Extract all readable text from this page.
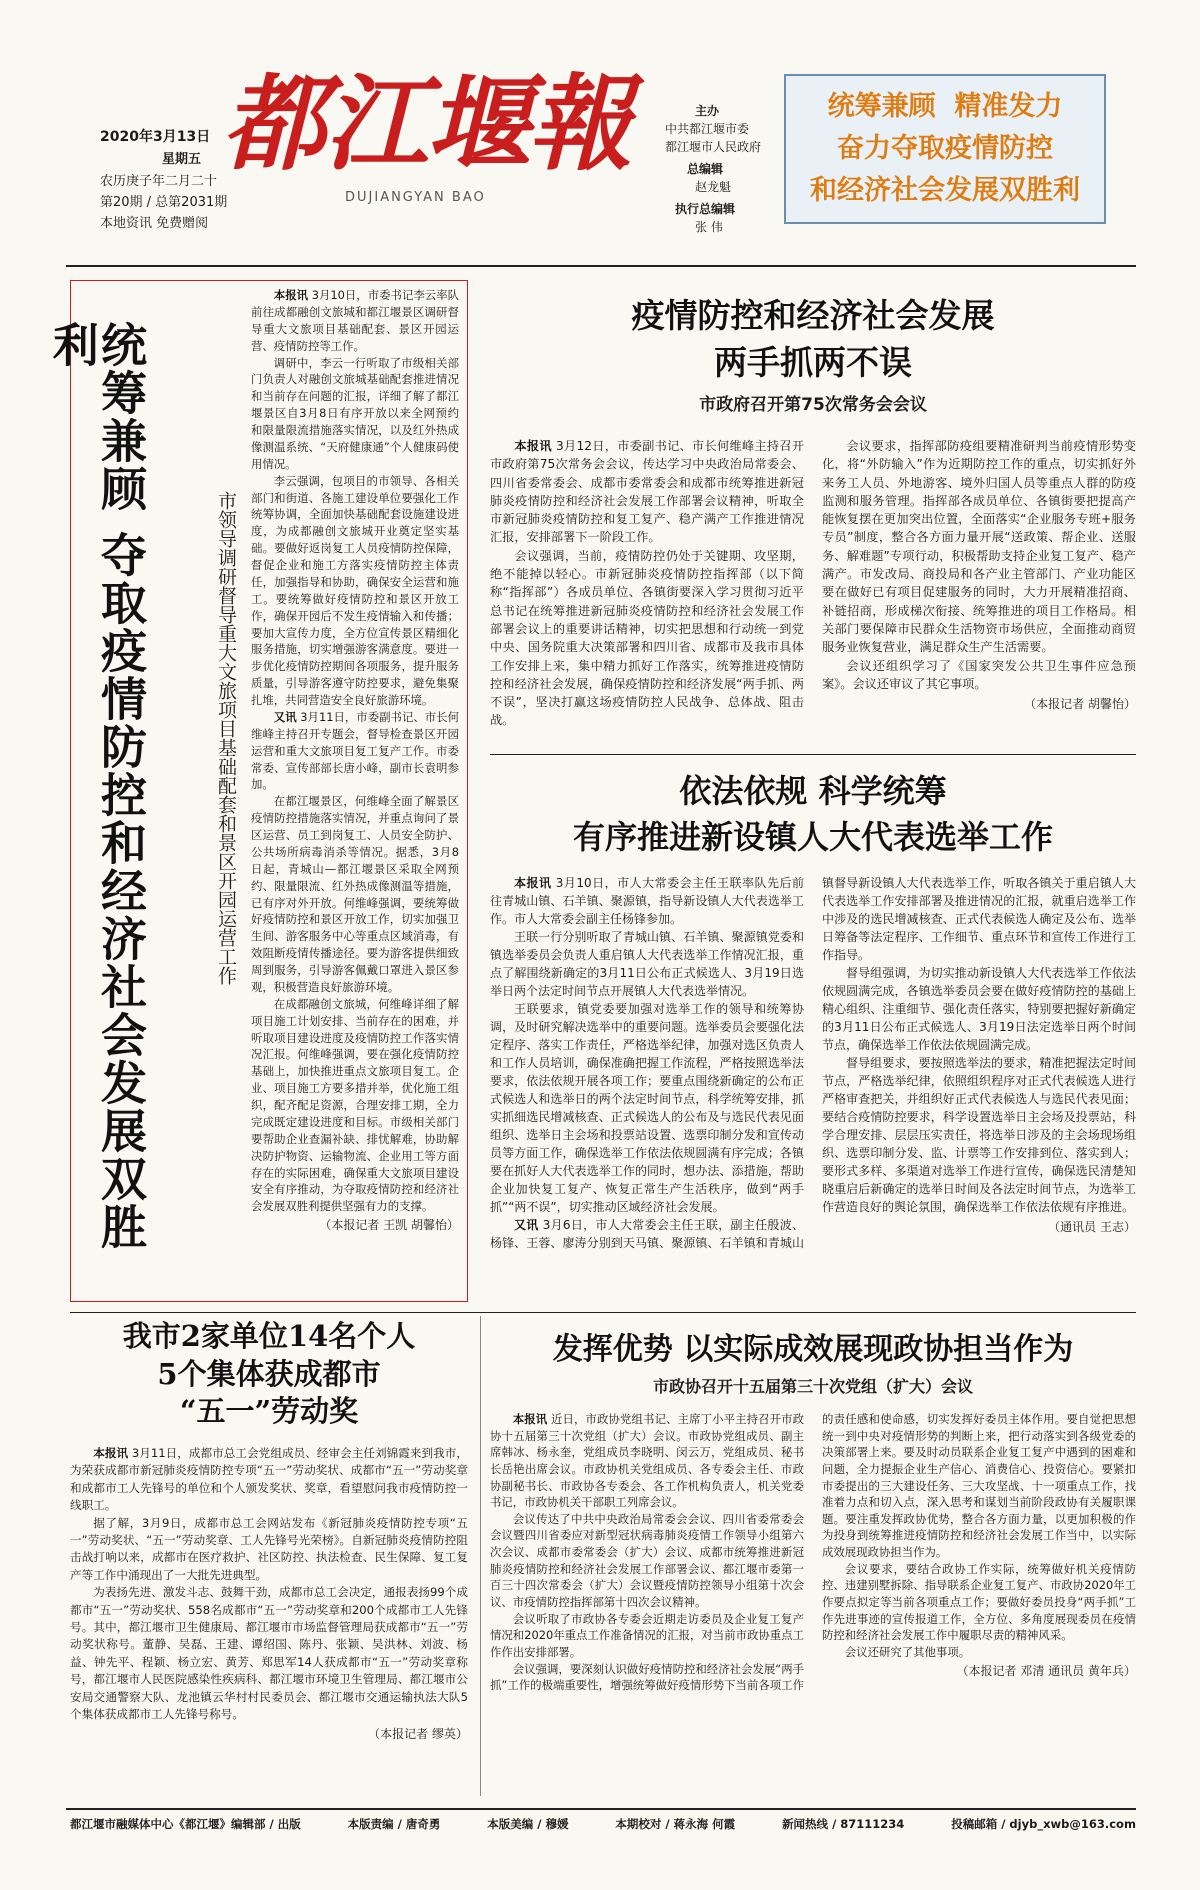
2020年3月13日
星期五
农历庚子年二月二十
第20期 / 总第2031期
本地资讯 免费赠阅
都江堰報
DUJIANGYAN BAO
主办
中共都江堰市委
都江堰市人民政府
总编辑
赵龙魁
执行总编辑
张 伟
统筹兼顾  精准发力
奋力夺取疫情防控
和经济社会发展双胜利
统筹兼顾 夺取疫情防控和经济社会发展双胜利
市领导调研督导重大文旅项目基础配套和景区开园运营工作

本报讯 3月10日，市委书记李云率队前往成都融创文旅城和都江堰景区调研督导重大文旅项目基础配套、景区开园运营、疫情防控等工作。

调研中，李云一行听取了市级相关部门负责人对融创文旅城基础配套推进情况和当前存在问题的汇报，详细了解了都江堰景区自3月8日有序开放以来全网预约和限量限流措施落实情况，以及红外热成像测温系统、“天府健康通”个人健康码使用情况。

李云强调，包项目的市领导、各相关部门和街道、各施工建设单位要强化工作统筹协调，全面加快基础配套设施建设进度，为成都融创文旅城开业奠定坚实基础。要做好返岗复工人员疫情防控保障，督促企业和施工方落实疫情防控主体责任，加强指导和协助，确保安全运营和施工。要统筹做好疫情防控和景区开放工作，确保开园后不发生疫情输入和传播；要加大宣传力度，全方位宣传景区精细化服务措施，切实增强游客满意度。要进一步优化疫情防控期间各项服务，提升服务质量，引导游客遵守防控要求，避免集聚扎堆，共同营造安全良好旅游环境。

又讯 3月11日，市委副书记、市长何维峰主持召开专题会，督导检查景区开园运营和重大文旅项目复工复产工作。市委常委、宣传部部长唐小峰，副市长袁明参加。

在都江堰景区，何维峰全面了解景区疫情防控措施落实情况，并重点询问了景区运营、员工到岗复工、人员安全防护、公共场所病毒消杀等情况。据悉，3月8日起，青城山—都江堰景区采取全网预约、限量限流、红外热成像测温等措施，已有序对外开放。何维峰强调，要统筹做好疫情防控和景区开放工作，切实加强卫生间、游客服务中心等重点区域消毒，有效阻断疫情传播途径。要为游客提供细致周到服务，引导游客佩戴口罩进入景区参观，积极营造良好旅游环境。

在成都融创文旅城，何维峰详细了解项目施工计划安排、当前存在的困难，并听取项目建设进度及疫情防控工作落实情况汇报。何维峰强调，要在强化疫情防控基础上，加快推进重点文旅项目复工。企业、项目施工方要多措并举，优化施工组织，配齐配足资源，合理安排工期，全力完成既定建设进度和目标。市级相关部门要帮助企业查漏补缺、排忧解难，协助解决防护物资、运输物流、企业用工等方面存在的实际困难，确保重大文旅项目建设安全有序推动，为夺取疫情防控和经济社会发展双胜利提供坚强有力的支撑。

（本报记者 王凯 胡馨怡）
疫情防控和经济社会发展
两手抓两不误
市政府召开第75次常务会会议

本报讯 3月12日，市委副书记、市长何维峰主持召开市政府第75次常务会会议，传达学习中央政治局常委会、四川省委常委会、成都市委常委会和成都市统筹推进新冠肺炎疫情防控和经济社会发展工作部署会议精神，听取全市新冠肺炎疫情防控和复工复产、稳产满产工作推进情况汇报，安排部署下一阶段工作。

会议强调，当前，疫情防控仍处于关键期、攻坚期，绝不能掉以轻心。市新冠肺炎疫情防控指挥部（以下简称“指挥部”）各成员单位、各镇街要深入学习贯彻习近平总书记在统筹推进新冠肺炎疫情防控和经济社会发展工作部署会议上的重要讲话精神，切实把思想和行动统一到党中央、国务院重大决策部署和四川省、成都市及我市具体工作安排上来，集中精力抓好工作落实，统筹推进疫情防控和经济社会发展，确保疫情防控和经济发展“两手抓、两不误”，坚决打赢这场疫情防控人民战争、总体战、阻击战。

会议要求，指挥部防疫组要精准研判当前疫情形势变化，将“外防输入”作为近期防控工作的重点，切实抓好外来务工人员、外地游客、境外归国人员等重点人群的防疫监测和服务管理。指挥部各成员单位、各镇街要把提高产能恢复摆在更加突出位置，全面落实“企业服务专班+服务专员”制度，整合各方面力量开展“送政策、帮企业、送服务、解难题”专项行动，积极帮助支持企业复工复产、稳产满产。市发改局、商投局和各产业主管部门、产业功能区要在做好已有项目促建服务的同时，大力开展精准招商、补链招商，形成梯次衔接、统筹推进的项目工作格局。相关部门要保障市民群众生活物资市场供应，全面推动商贸服务业恢复营业，满足群众生产生活需要。

会议还组织学习了《国家突发公共卫生事件应急预案》。会议还审议了其它事项。

（本报记者 胡馨怡）
依法依规 科学统筹
有序推进新设镇人大代表选举工作

本报讯 3月10日，市人大常委会主任王联率队先后前往青城山镇、石羊镇、聚源镇，指导新设镇人大代表选举工作。市人大常委会副主任杨锋参加。

王联一行分别听取了青城山镇、石羊镇、聚源镇党委和镇选举委员会负责人重启镇人大代表选举工作情况汇报，重点了解围绕新确定的3月11日公布正式候选人、3月19日选举日两个法定时间节点开展镇人大代表选举情况。

王联要求，镇党委要加强对选举工作的领导和统筹协调，及时研究解决选举中的重要问题。选举委员会要强化法定程序、落实工作责任，严格选举纪律，加强对选区负责人和工作人员培训，确保准确把握工作流程，严格按照选举法要求，依法依规开展各项工作；要重点围绕新确定的公布正式候选人和选举日的两个法定时间节点，科学统筹安排，抓实抓细选民增减核查、正式候选人的公布及与选民代表见面组织、选举日主会场和投票站设置、选票印制分发和宣传动员等方面工作，确保选举工作依法依规圆满有序完成；各镇要在抓好人大代表选举工作的同时，想办法、添措施，帮助企业加快复工复产、恢复正常生产生活秩序，做到“两手抓”“两不误”，切实推动区域经济社会发展。

又讯 3月6日，市人大常委会主任王联，副主任殷波、杨锋、王蓉、廖涛分别到天马镇、聚源镇、石羊镇和青城山镇督导新设镇人大代表选举工作，听取各镇关于重启镇人大代表选举工作安排部署及推进情况的汇报，就重启选举工作中涉及的选民增减核查、正式代表候选人确定及公布、选举日筹备等法定程序、工作细节、重点环节和宣传工作进行工作指导。

督导组强调，为切实推动新设镇人大代表选举工作依法依规圆满完成，各镇选举委员会要在做好疫情防控的基础上精心组织、注重细节、强化责任落实，特别要把握好新确定的3月11日公布正式候选人、3月19日法定选举日两个时间节点，确保选举工作依法依规圆满完成。

督导组要求，要按照选举法的要求，精准把握法定时间节点，严格选举纪律，依照组织程序对正式代表候选人进行严格审查把关，并组织好正式代表候选人与选民代表见面；要结合疫情防控要求，科学设置选举日主会场及投票站，科学合理安排、层层压实责任，将选举日涉及的主会场现场组织、选票印制分发、监、计票等工作安排到位、落实到人；要形式多样、多渠道对选举工作进行宣传，确保选民清楚知晓重启后新确定的选举日时间及各法定时间节点，为选举工作营造良好的舆论氛围，确保选举工作依法依规有序推进。

（通讯员 王志）
我市2家单位14名个人
5个集体获成都市
“五一”劳动奖

本报讯 3月11日，成都市总工会党组成员、经审会主任刘锦霞来到我市，为荣获成都市新冠肺炎疫情防控专项“五一”劳动奖状、成都市“五一”劳动奖章和成都市工人先锋号的单位和个人颁发奖状、奖章，看望慰问我市疫情防控一线职工。

据了解，3月9日，成都市总工会网站发布《新冠肺炎疫情防控专项“五一”劳动奖状、“五一”劳动奖章、工人先锋号光荣榜》。自新冠肺炎疫情防控阻击战打响以来，成都市在医疗救护、社区防控、执法检查、民生保障、复工复产等工作中涌现出了一大批先进典型。

为表扬先进、激发斗志、鼓舞干劲，成都市总工会决定，通报表扬99个成都市“五一”劳动奖状、558名成都市“五一”劳动奖章和200个成都市工人先锋号。其中，都江堰市卫生健康局、都江堰市市场监督管理局获成都市“五一”劳动奖状称号。董静、吴磊、王建、谭绍国、陈丹、张颖、吴洪林、刘波、杨益、钟先平、程颖、杨立宏、黄芳、郑思军14人获成都市“五一”劳动奖章称号，都江堰市人民医院感染性疾病科、都江堰市环境卫生管理局、都江堰市公安局交通警察大队、龙池镇云华村村民委员会、都江堰市交通运输执法大队5个集体获成都市工人先锋号称号。

（本报记者 缪英）
发挥优势 以实际成效展现政协担当作为
市政协召开十五届第三十次党组（扩大）会议

本报讯 近日，市政协党组书记、主席丁小平主持召开市政协十五届第三十次党组（扩大）会议。市政协党组成员、副主席韩冰、杨永奎，党组成员李晓明、闵云万，党组成员、秘书长岳艳出席会议。市政协机关党组成员、各专委会主任、市政协副秘书长、市政协各专委会、各工作机构负责人，机关党委书记，市政协机关干部职工列席会议。

会议传达了中共中央政治局常委会会议、四川省委常委会会议暨四川省委应对新型冠状病毒肺炎疫情工作领导小组第六次会议、成都市委常委会（扩大）会议、成都市统筹推进新冠肺炎疫情防控和经济社会发展工作部署会议、都江堰市委第一百三十四次常委会（扩大）会议暨疫情防控领导小组第十次会议、市疫情防控指挥部第十四次会议精神。

会议听取了市政协各专委会近期走访委员及企业复工复产情况和2020年重点工作准备情况的汇报，对当前市政协重点工作作出安排部署。

会议强调，要深刻认识做好疫情防控和经济社会发展“两手抓”工作的极端重要性，增强统筹做好疫情形势下当前各项工作的责任感和使命感，切实发挥好委员主体作用。要自觉把思想统一到中央对疫情形势的判断上来，把行动落实到各级党委的决策部署上来。要及时动员联系企业复工复产中遇到的困难和问题，全力提振企业生产信心、消费信心、投资信心。要紧扣市委提出的三大建设任务、三大攻坚战、十一项重点工作，找准着力点和切入点，深入思考和谋划当前阶段政协有关履职课题。要注重发挥政协优势，整合各方面力量，以更加积极的作为投身到统筹推进疫情防控和经济社会发展工作当中，以实际成效展现政协担当作为。

会议要求，要结合政协工作实际，统筹做好机关疫情防控、违建别墅拆除、指导联系企业复工复产、市政协2020年工作要点拟定等当前各项重点工作；要做好委员投身“两手抓”工作先进事迹的宣传报道工作，全方位、多角度展现委员在疫情防控和经济社会发展工作中履职尽责的精神风采。

会议还研究了其他事项。

（本报记者 邓清 通讯员 黄年兵）
都江堰市融媒体中心《都江堰》编辑部 / 出版	本版责编 / 唐奇勇	本版美编 / 穆媛	本期校对 / 蒋永海 何霞	新闻热线 / 87111234	投稿邮箱 / djyb_xwb@163.com
